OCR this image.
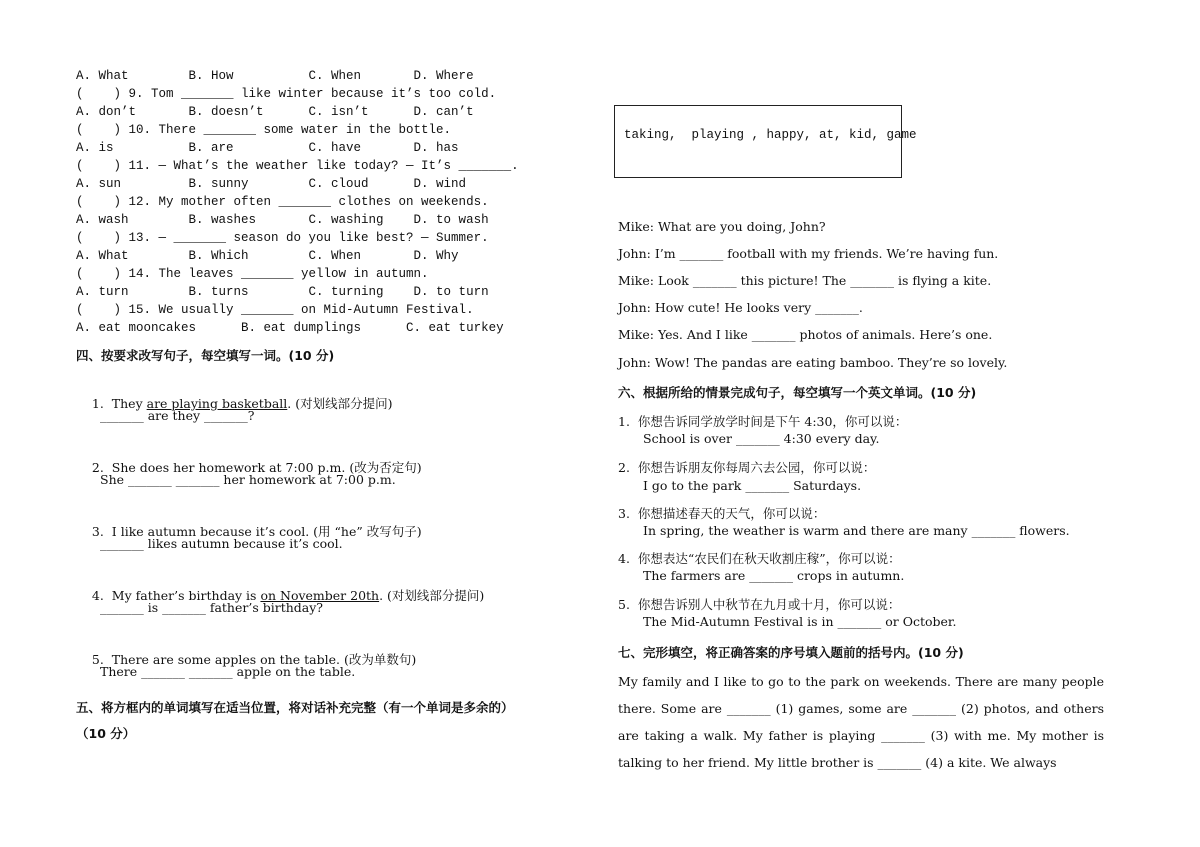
A. What        B. How          C. When       D. Where
(    ) 9. Tom _______ like winter because it’s too cold.
A. don’t       B. doesn’t      C. isn’t      D. can’t
(    ) 10. There _______ some water in the bottle.
A. is          B. are          C. have       D. has
(    ) 11. — What’s the weather like today? — It’s _______.
A. sun         B. sunny        C. cloud      D. wind
(    ) 12. My mother often _______ clothes on weekends.
A. wash        B. washes       C. washing    D. to wash
(    ) 13. — _______ season do you like best? — Summer.
A. What        B. Which        C. When       D. Why
(    ) 14. The leaves _______ yellow in autumn.
A. turn        B. turns        C. turning    D. to turn
(    ) 15. We usually _______ on Mid-Autumn Festival.
A. eat mooncakes      B. eat dumplings      C. eat turkey
四、按要求改写句子，每空填写一词。(10 分)

1. They are playing basketball. (对划线部分提问)

_______ are they _______?

2. She does her homework at 7:00 p.m. (改为否定句)

She _______ _______ her homework at 7:00 p.m.

3. I like autumn because it’s cool. (用 “he” 改写句子)

_______ likes autumn because it’s cool.

4. My father’s birthday is on November 20th. (对划线部分提问)

_______ is _______ father’s birthday?

5. There are some apples on the table. (改为单数句)

There _______ _______ apple on the table.
五、将方框内的单词填写在适当位置，将对话补充完整（有一个单词是多余的）
（10 分）
taking,  playing , happy, at, kid, game
Mike: What are you doing, John?
John: I’m _______ football with my friends. We’re having fun.
Mike: Look _______ this picture! The _______ is flying a kite.
John: How cute! He looks very _______.
Mike: Yes. And I like _______ photos of animals. Here’s one.
John: Wow! The pandas are eating bamboo. They’re so lovely.
六、根据所给的情景完成句子，每空填写一个英文单词。(10 分)
1. 你想告诉同学放学时间是下午 4:30，你可以说：
School is over _______ 4:30 every day.
2. 你想告诉朋友你每周六去公园，你可以说：
I go to the park _______ Saturdays.
3. 你想描述春天的天气，你可以说：
In spring, the weather is warm and there are many _______ flowers.
4. 你想表达“农民们在秋天收割庄稼”，你可以说：
The farmers are _______ crops in autumn.
5. 你想告诉别人中秋节在九月或十月，你可以说：
The Mid-Autumn Festival is in _______ or October.
七、完形填空，将正确答案的序号填入题前的括号内。(10 分)
My family and I like to go to the park on weekends. There are many people there. Some are _______ (1) games, some are _______ (2) photos, and others are taking a walk. My father is playing _______ (3) with me. My mother is talking to her friend. My little brother is _______ (4) a kite. We always
